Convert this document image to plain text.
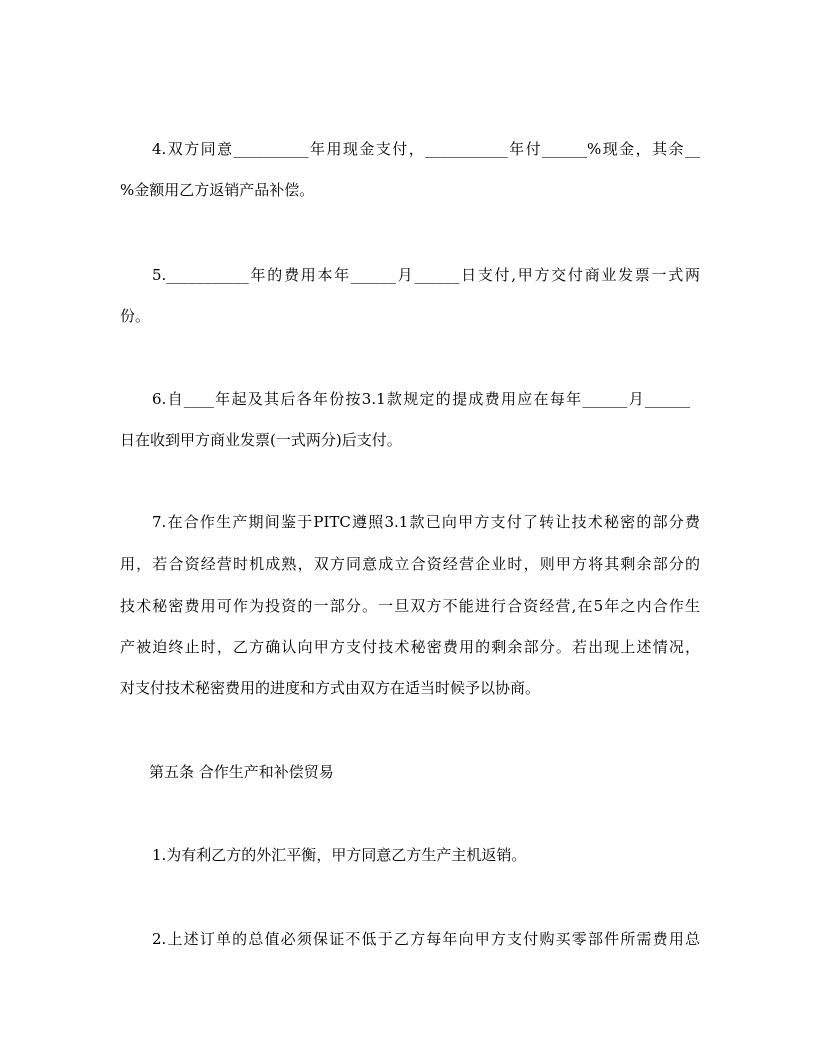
4.双方同意__________年用现金支付，___________年付______%现金，其余__
%金额用乙方返销产品补偿。
5.___________年的费用本年______月______日支付,甲方交付商业发票一式两
份。
6.自____年起及其后各年份按3.1款规定的提成费用应在每年______月______
日在收到甲方商业发票(一式两分)后支付。
7.在合作生产期间鉴于PITC遵照3.1款已向甲方支付了转让技术秘密的部分费
用，若合资经营时机成熟，双方同意成立合资经营企业时，则甲方将其剩余部分的
技术秘密费用可作为投资的一部分。一旦双方不能进行合资经营,在5年之内合作生
产被迫终止时，乙方确认向甲方支付技术秘密费用的剩余部分。若出现上述情况，
对支付技术秘密费用的进度和方式由双方在适当时候予以协商。
第五条 合作生产和补偿贸易
1.为有利乙方的外汇平衡，甲方同意乙方生产主机返销。
2.上述订单的总值必须保证不低于乙方每年向甲方支付购买零部件所需费用总
